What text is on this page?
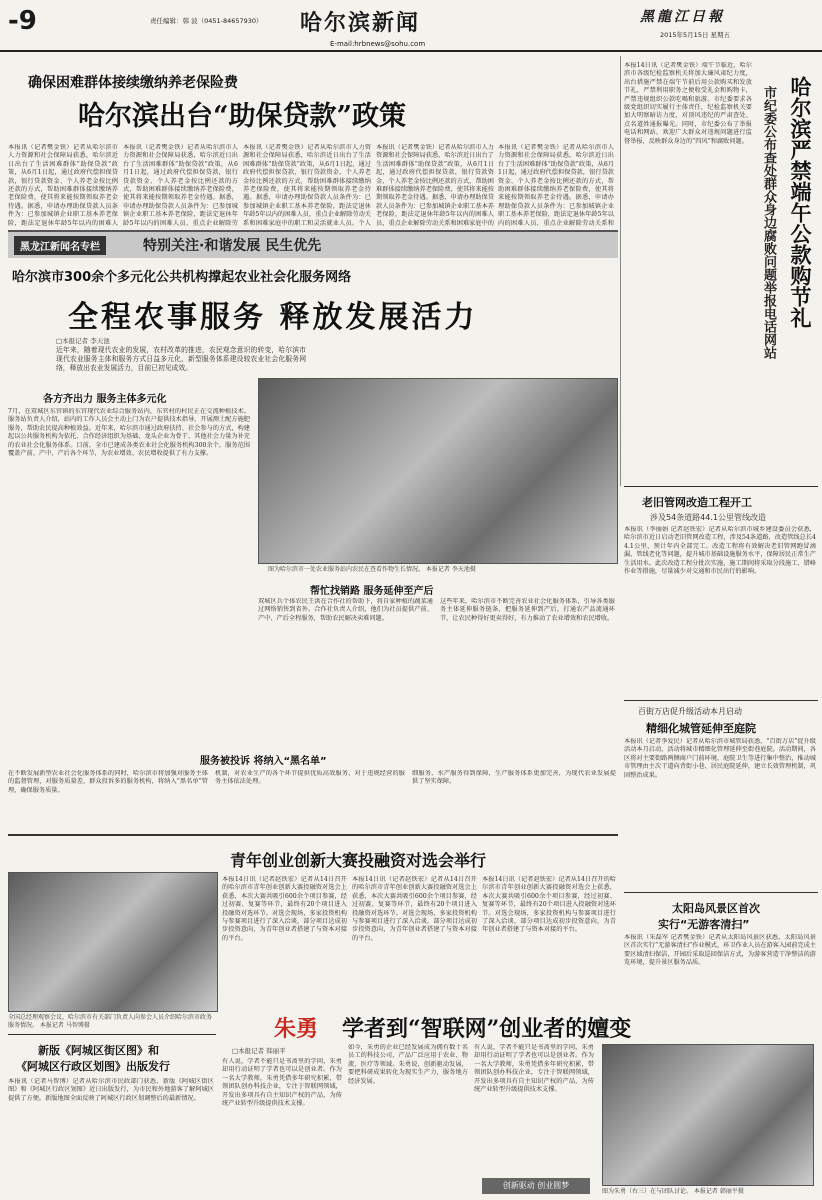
-9	哈尔滨新闻
责任编辑：韩 波（0451-84657930）
E-mail:hrbnews@sohu.com
黑龍江日報
2015年5月15日 星期五
确保困难群体接续缴纳养老保险费
哈尔滨出台“助保贷款”政策
本报讯（记者樊金铁）记者从哈尔滨市人力资源和社会保障局获悉，哈尔滨近日出台了生活困难群体“助保贷款”政策，从6月1日起，通过政府代偿担保贷款，银行贷款资金、个人养老金按比例还款的方式，帮助困难群体接续缴纳养老保险费，使其将来能按期领取养老金待遇。据悉，申请办理助保贷款人员条件为：已参加城镇企业职工基本养老保险，距法定退休年龄5年以内的困难人
本报讯（记者樊金铁）记者从哈尔滨市人力资源和社会保障局获悉，哈尔滨近日出台了生活困难群体“助保贷款”政策，从6月1日起，通过政府代偿担保贷款，银行贷款资金、个人养老金按比例还款的方式，帮助困难群体接续缴纳养老保险费，使其将来能按期领取养老金待遇。据悉，申请办理助保贷款人员条件为：已参加城镇企业职工基本养老保险，距法定退休年龄5年以内的困难人员，重点企业解除劳
本报讯（记者樊金铁）记者从哈尔滨市人力资源和社会保障局获悉，哈尔滨近日出台了生活困难群体“助保贷款”政策，从6月1日起，通过政府代偿担保贷款，银行贷款资金、个人养老金按比例还款的方式，帮助困难群体接续缴纳养老保险费，使其将来能按期领取养老金待遇。据悉，申请办理助保贷款人员条件为：已参加城镇企业职工基本养老保险，距法定退休年龄5年以内的困难人员，重点企业解除劳动关系和困难家庭中的职工和灵活就业人员。个人
本报讯（记者樊金铁）记者从哈尔滨市人力资源和社会保障局获悉，哈尔滨近日出台了生活困难群体“助保贷款”政策，从6月1日起，通过政府代偿担保贷款，银行贷款资金、个人养老金按比例还款的方式，帮助困难群体接续缴纳养老保险费，使其将来能按期领取养老金待遇。据悉，申请办理助保贷款人员条件为：已参加城镇企业职工基本养老保险，距法定退休年龄5年以内的困难人员，重点企业解除劳动关系和困难家庭中的
本报讯（记者樊金铁）记者从哈尔滨市人力资源和社会保障局获悉，哈尔滨近日出台了生活困难群体“助保贷款”政策，从6月1日起，通过政府代偿担保贷款，银行贷款资金、个人养老金按比例还款的方式，帮助困难群体接续缴纳养老保险费，使其将来能按期领取养老金待遇。据悉，申请办理助保贷款人员条件为：已参加城镇企业职工基本养老保险，距法定退休年龄5年以内的困难人员，重点企业解除劳动关系和
本报14日讯（记者樊金铁）端午节临近，哈尔滨市各级纪检监察机关将加大廉风肃纪力度，出台措施严禁在端午节前后用公款购买和发放节礼，严禁利用职务之便收受礼金和购物卡，严禁违规组织公款吃喝和旅游。市纪委要求各级党组织切实履行主体责任，纪检监察机关要加大明察暗访力度，对顶风违纪的严肃查处、点名道姓通报曝光。同时，市纪委公布了举报电话和网站，欢迎广大群众对违规问题进行监督举报，反映群众身边的“四风”和腐败问题。 哈尔滨严禁端午公款购节礼
市纪委公布查处群众身边腐败问题举报电话网站
黑龙江新闻名专栏	特别关注·和谐发展 民生优先
哈尔滨市300余个多元化公共机构撑起农业社会化服务网络
全程农事服务 释放发展活力
□本报记者 李天池
近年来，随着现代农业的发展，农村改革的推进，农民观念意识的转变，哈尔滨市现代农业服务主体和服务方式日益多元化，新型服务体系建设较农业社会化服务网络，释放出农业发展活力，目前已初见成效。
各方齐出力 服务主体多元化
7月，在双城区东官镇的东官现代农业综合服务站内，东官村的村民正在交流种植技术。服务站负责人介绍，站内的工作人员会主动上门为农户提供技术指导，开展测土配方施肥服务，帮助农民提高种植效益。近年来，哈尔滨市通过政府扶持、社会参与的方式，构建起以公共服务机构为依托、合作经济组织为基础、龙头企业为骨干、其他社会力量为补充的农业社会化服务体系。目前，全市已建成各类农业社会化服务机构300余个，服务范围覆盖产前、产中、产后各个环节，为农业增效、农民增收提供了有力支撑。
图为哈尔滨市一处农业服务站内农民在查看作物生长情况。 本报记者 李天池摄
帮忙找销路 服务延伸至产后
双城区兵个体农民王洪在合作社的帮助下，将自家种植的蔬菜通过网络销售到省外。合作社负责人介绍，他们为社员提供产前、产中、产后全程服务，帮助农民解决卖难问题。
这些年来，哈尔滨市不断完善农业社会化服务体系，引导各类服务主体延伸服务链条，把服务延伸到产后，打通农产品流通环节，让农民种得好更卖得好，有力推动了农业增效和农民增收。
服务被投诉 将纳入“黑名单”
在不断发展新型农业社会化服务体系的同时，哈尔滨市将加强对服务主体的监督管理，对服务质量差、群众投诉多的服务机构，将纳入“黑名单”管理，确保服务质量。
机制，对农业生产的各个环节提供优质高效服务，对于违规经营的服务主体依法处理。
细服务，水产服务得到保障，生产服务体系更加完善，为现代农业发展提供了坚实保障。
老旧管网改造工程开工
涉及54条道路44.1公里管线改造
本报讯（李丽娟 记者赵铁宏）记者从哈尔滨市城乡建设委员会获悉，哈尔滨市近日启动老旧管网改造工程，涉及54条道路，改造管线总长44.1公里，预计年内全部完工。改造工程将有效解决老旧管网跑冒滴漏、管线老化等问题，提升城市基础设施服务水平，保障居民正常生产生活用水。此次改造工程分批次实施，施工期间将采取分段施工、错峰作业等措施，尽量减少对交通和市民出行的影响。
百街万店促升级活动本月启动
精细化城管延伸至庭院
本报讯（记者李爱民）记者从哈尔滨市城管局获悉，“百街万店”促升级活动本月启动，活动将城市精细化管理延伸至街巷庭院。活动期间，各区将对主要街路两侧商户门前环境、庭院卫生等进行集中整治，推动城市管理由主次干道向背街小巷、居民庭院延伸，建立长效管理机制，巩固整治成果。
太阳岛风景区首次
实行“无游客清扫”
本报讯（朱磊军 记者樊金铁）记者从太阳岛风景区获悉，太阳岛风景区首次实行“无游客清扫”作业模式，环卫作业人员在游客入园前完成主要区域清扫保洁，开园后采取巡回保洁方式，为游客营造干净整洁的游览环境，提升景区服务品质。
青年创业创新大赛投融资对选会举行
全国总经理观察会议，哈尔滨市有关部门负责人向参会人员介绍哈尔滨市政务服务情况。 本报记者 马智博摄
本报14日讯（记者赵铁宏）记者从14日召开的哈尔滨市青年创业创新大赛投融资对选会上获悉，本次大赛共吸引600余个项目参赛，经过初赛、复赛等环节，最终有20个项目进入投融资对选环节。对选会现场，多家投资机构与参赛项目进行了深入洽谈，部分项目达成初步投资意向，为青年创业者搭建了与资本对接的平台。
本报14日讯（记者赵铁宏）记者从14日召开的哈尔滨市青年创业创新大赛投融资对选会上获悉，本次大赛共吸引600余个项目参赛，经过初赛、复赛等环节，最终有20个项目进入投融资对选环节。对选会现场，多家投资机构与参赛项目进行了深入洽谈，部分项目达成初步投资意向，为青年创业者搭建了与资本对接的平台。
本报14日讯（记者赵铁宏）记者从14日召开的哈尔滨市青年创业创新大赛投融资对选会上获悉，本次大赛共吸引600余个项目参赛，经过初赛、复赛等环节，最终有20个项目进入投融资对选环节。对选会现场，多家投资机构与参赛项目进行了深入洽谈，部分项目达成初步投资意向，为青年创业者搭建了与资本对接的平台。
新版《阿城区街区图》和
《阿城区行政区划图》出版发行
本报讯（记者马智博）记者从哈尔滨市民政部门获悉，新版《阿城区街区图》和《阿城区行政区划图》近日出版发行，为市民和外地游客了解阿城区提供了方便。新版地图全面反映了阿城区行政区划调整后的最新情况。
朱勇 学者到“智联网”创业者的嬗变
□本报记者 韩丽平
有人说，学者不能只是书斋里的学问，朱勇却用行动证明了学者也可以是创业者。作为一名大学教师，朱勇凭借多年研究积累，带领团队创办科技企业，专注于智联网领域，开发出多项具有自主知识产权的产品，为传统产业转型升级提供技术支撑。
如今，朱勇的企业已经发展成为拥有数十名员工的科技公司，产品广泛应用于农业、物流、医疗等领域。朱勇说，创新驱动发展，要把科研成果转化为现实生产力，服务地方经济发展。
有人说，学者不能只是书斋里的学问，朱勇却用行动证明了学者也可以是创业者。作为一名大学教师，朱勇凭借多年研究积累，带领团队创办科技企业，专注于智联网领域，开发出多项具有自主知识产权的产品，为传统产业转型升级提供技术支撑。
创新驱动 创业圆梦
图为朱勇（右三）在与团队讨论。 本报记者 韩丽平摄
